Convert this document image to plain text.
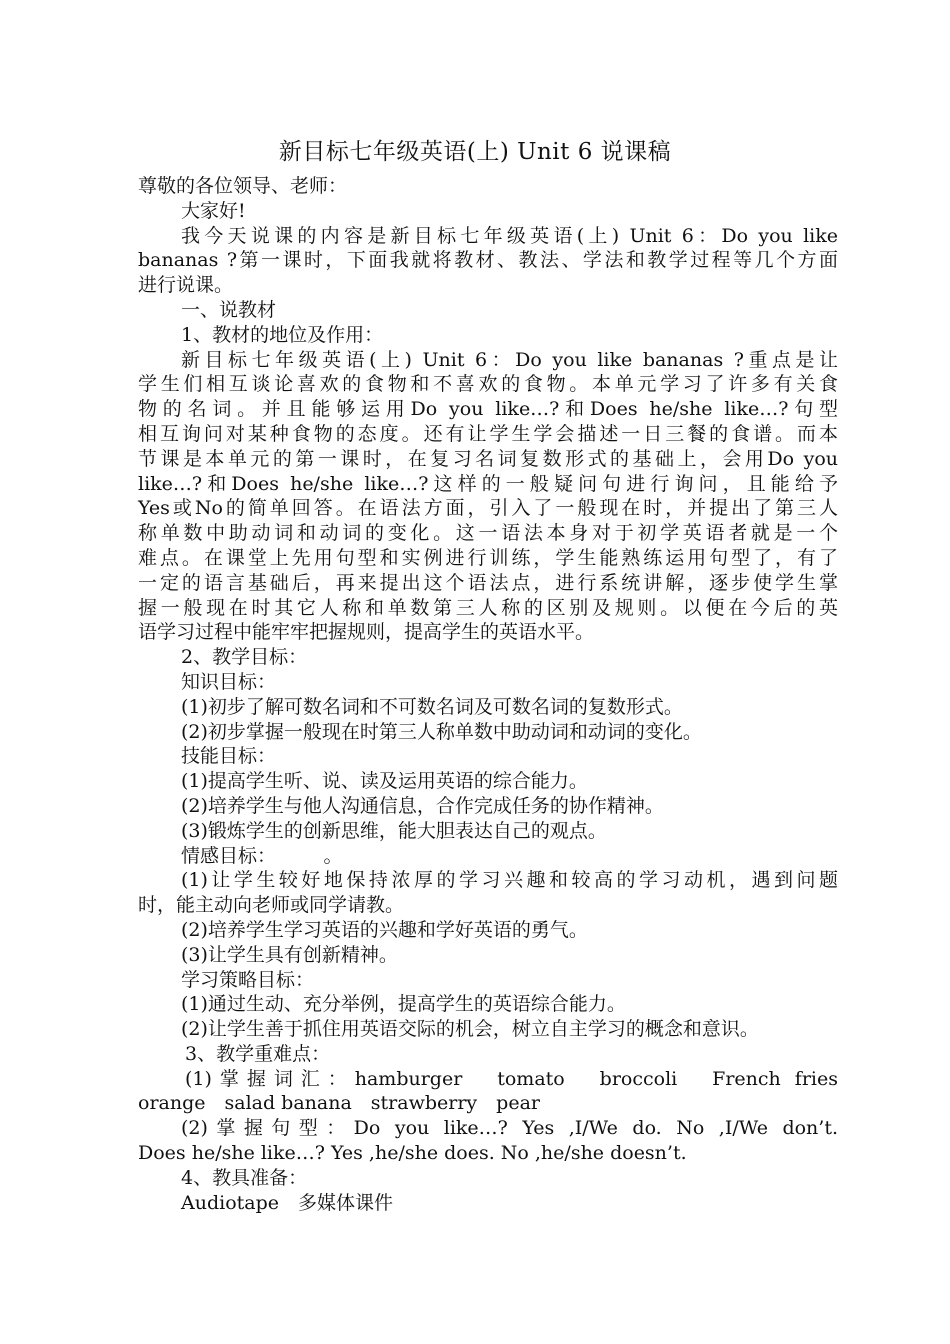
新目标七年级英语(上) Unit 6 说课稿

尊敬的各位领导、老师：

大家好!

我今天说课的内容是新目标七年级英语(上) Unit 6：Do you like

bananas ?第一课时，下面我就将教材、教法、学法和教学过程等几个方面

进行说课。

一、说教材

1、教材的地位及作用：

新目标七年级英语(上) Unit 6：Do you like bananas ?重点是让

学生们相互谈论喜欢的食物和不喜欢的食物。本单元学习了许多有关食

物的名词。并且能够运用Do you like…?和Does he/she like…?句型

相互询问对某种食物的态度。还有让学生学会描述一日三餐的食谱。而本

节课是本单元的第一课时，在复习名词复数形式的基础上，会用Do you

like…?和Does he/she like…?这样的一般疑问句进行询问，且能给予

Yes或No的简单回答。在语法方面，引入了一般现在时，并提出了第三人

称单数中助动词和动词的变化。这一语法本身对于初学英语者就是一个

难点。在课堂上先用句型和实例进行训练，学生能熟练运用句型了，有了

一定的语言基础后，再来提出这个语法点，进行系统讲解，逐步使学生掌

握一般现在时其它人称和单数第三人称的区别及规则。以便在今后的英

语学习过程中能牢牢把握规则，提高学生的英语水平。

2、教学目标：

知识目标：

(1)初步了解可数名词和不可数名词及可数名词的复数形式。

(2)初步掌握一般现在时第三人称单数中助动词和动词的变化。

技能目标：

(1)提高学生听、说、读及运用英语的综合能力。

(2)培养学生与他人沟通信息，合作完成任务的协作精神。

(3)锻炼学生的创新思维，能大胆表达自己的观点。

情感目标：　　　。

(1)让学生较好地保持浓厚的学习兴趣和较高的学习动机，遇到问题

时，能主动向老师或同学请教。

(2)培养学生学习英语的兴趣和学好英语的勇气。

(3)让学生具有创新精神。

学习策略目标：

(1)通过生动、充分举例，提高学生的英语综合能力。

(2)让学生善于抓住用英语交际的机会，树立自主学习的概念和意识。

3、教学重难点：

(1)掌握词汇：hamburger　tomato　broccoli　French fries

orange　salad banana　strawberry　pear

(2)掌握句型：Do you like…? Yes ,I/We do. No ,I/We don’t.

Does he/she like…? Yes ,he/she does. No ,he/she doesn’t.

4、教具准备：

Audiotape　多媒体课件
